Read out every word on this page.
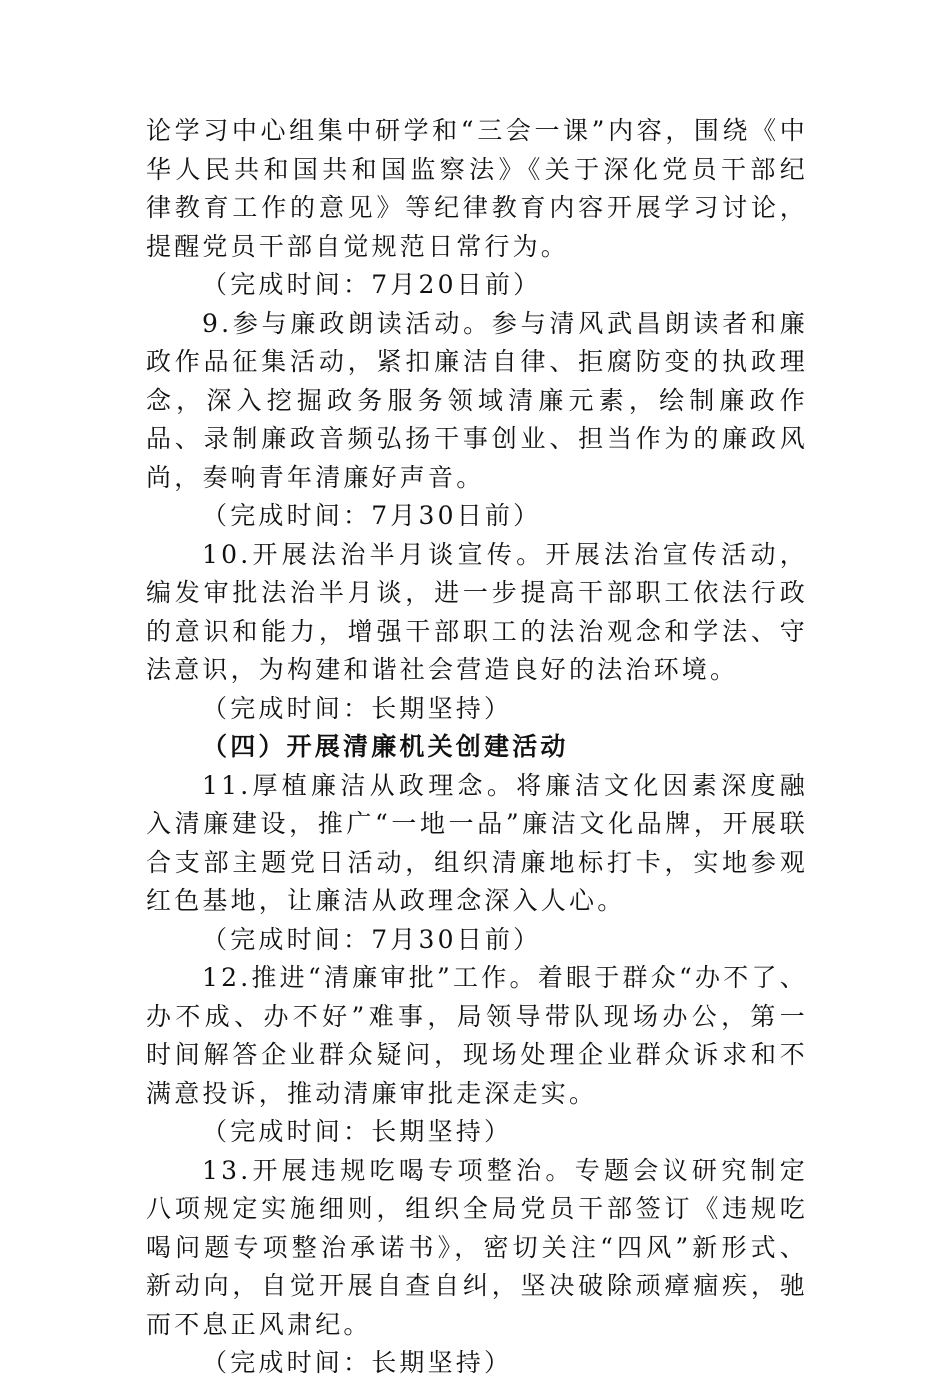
论学习中心组集中研学和“三会一课”内容，围绕《中华人民共和国共和国监察法》《关于深化党员干部纪律教育工作的意见》等纪律教育内容开展学习讨论，提醒党员干部自觉规范日常行为。

（完成时间：7月20日前）

9.参与廉政朗读活动。参与清风武昌朗读者和廉政作品征集活动，紧扣廉洁自律、拒腐防变的执政理念，深入挖掘政务服务领域清廉元素，绘制廉政作品、录制廉政音频弘扬干事创业、担当作为的廉政风尚，奏响青年清廉好声音。

（完成时间：7月30日前）

10.开展法治半月谈宣传。开展法治宣传活动，编发审批法治半月谈，进一步提高干部职工依法行政的意识和能力，增强干部职工的法治观念和学法、守法意识，为构建和谐社会营造良好的法治环境。

（完成时间：长期坚持）

（四）开展清廉机关创建活动

11.厚植廉洁从政理念。将廉洁文化因素深度融入清廉建设，推广“一地一品”廉洁文化品牌，开展联合支部主题党日活动，组织清廉地标打卡，实地参观红色基地，让廉洁从政理念深入人心。

（完成时间：7月30日前）

12.推进“清廉审批”工作。着眼于群众“办不了、办不成、办不好”难事，局领导带队现场办公，第一时间解答企业群众疑问，现场处理企业群众诉求和不满意投诉，推动清廉审批走深走实。

（完成时间：长期坚持）

13.开展违规吃喝专项整治。专题会议研究制定八项规定实施细则，组织全局党员干部签订《违规吃喝问题专项整治承诺书》，密切关注“四风”新形式、新动向，自觉开展自查自纠，坚决破除顽瘴痼疾，驰而不息正风肃纪。

（完成时间：长期坚持）
